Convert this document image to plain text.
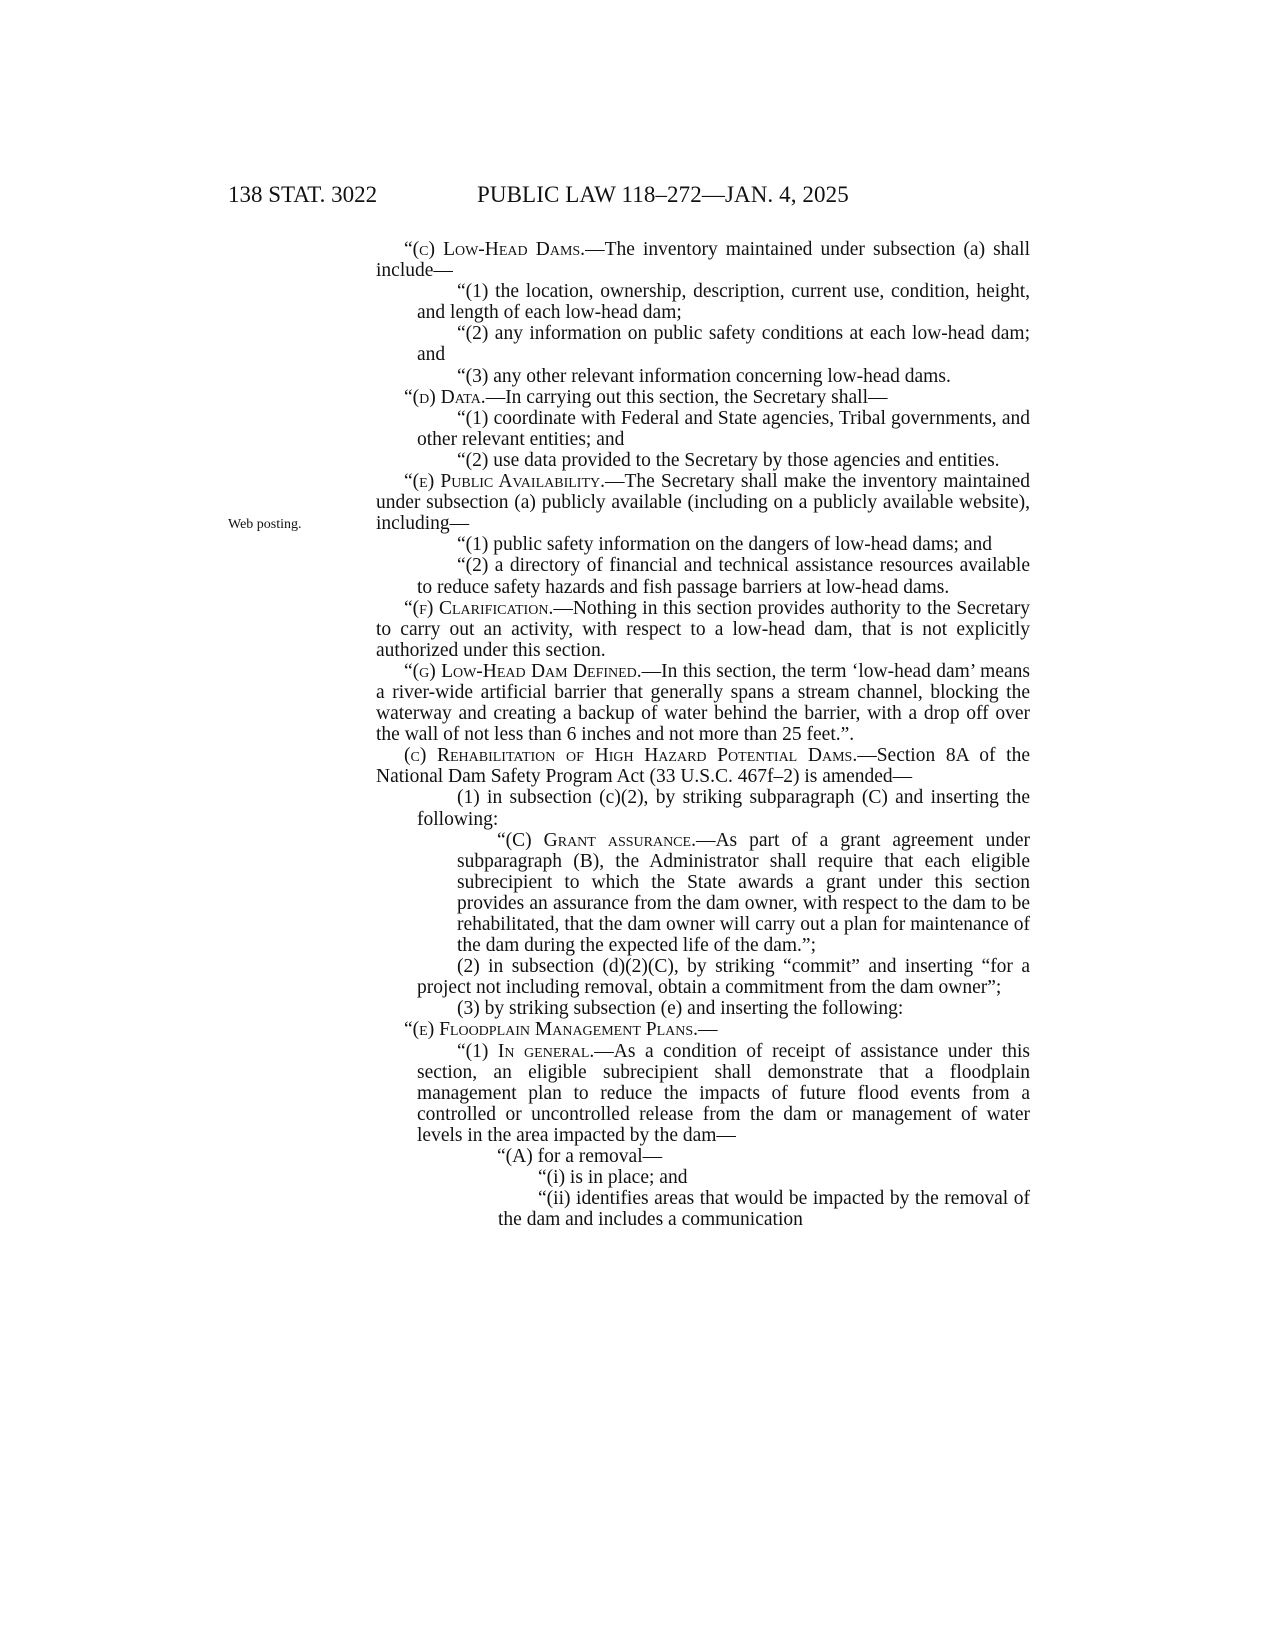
138 STAT. 3022	PUBLIC LAW 118–272—JAN. 4, 2025
Web posting.

“(c) Low-Head Dams.—The inventory maintained under subsection (a) shall include—

“(1) the location, ownership, description, current use, condition, height, and length of each low-head dam;

“(2) any information on public safety conditions at each low-head dam; and

“(3) any other relevant information concerning low-head dams.

“(d) Data.—In carrying out this section, the Secretary shall—

“(1) coordinate with Federal and State agencies, Tribal governments, and other relevant entities; and

“(2) use data provided to the Secretary by those agencies and entities.

“(e) Public Availability.—The Secretary shall make the inventory maintained under subsection (a) publicly available (including on a publicly available website), including—

“(1) public safety information on the dangers of low-head dams; and

“(2) a directory of financial and technical assistance resources available to reduce safety hazards and fish passage barriers at low-head dams.

“(f) Clarification.—Nothing in this section provides authority to the Secretary to carry out an activity, with respect to a low-head dam, that is not explicitly authorized under this section.

“(g) Low-Head Dam Defined.—In this section, the term ‘low-head dam’ means a river-wide artificial barrier that generally spans a stream channel, blocking the waterway and creating a backup of water behind the barrier, with a drop off over the wall of not less than 6 inches and not more than 25 feet.”.

(c) Rehabilitation of High Hazard Potential Dams.—Section 8A of the National Dam Safety Program Act (33 U.S.C. 467f–2) is amended—

(1) in subsection (c)(2), by striking subparagraph (C) and inserting the following:

“(C) Grant assurance.—As part of a grant agreement under subparagraph (B), the Administrator shall require that each eligible subrecipient to which the State awards a grant under this section provides an assurance from the dam owner, with respect to the dam to be rehabilitated, that the dam owner will carry out a plan for maintenance of the dam during the expected life of the dam.”;

(2) in subsection (d)(2)(C), by striking “commit” and inserting “for a project not including removal, obtain a commitment from the dam owner”;

(3) by striking subsection (e) and inserting the following:

“(e) Floodplain Management Plans.—

“(1) In general.—As a condition of receipt of assistance under this section, an eligible subrecipient shall demonstrate that a floodplain management plan to reduce the impacts of future flood events from a controlled or uncontrolled release from the dam or management of water levels in the area impacted by the dam—

“(A) for a removal—

“(i) is in place; and

“(ii) identifies areas that would be impacted by the removal of the dam and includes a communication
